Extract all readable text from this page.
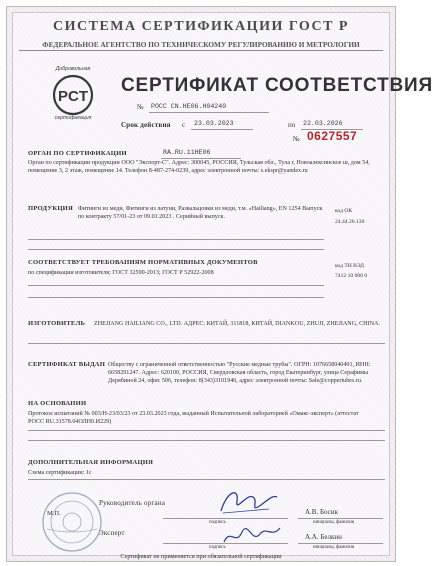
СИСТЕМА СЕРТИФИКАЦИИ ГОСТ Р
ФЕДЕРАЛЬНОЕ АГЕНТСТВО ПО ТЕХНИЧЕСКОМУ РЕГУЛИРОВАНИЮ И МЕТРОЛОГИИ
PCT
Добровольная
сертификация
СЕРТИФИКАТ СООТВЕТСТВИЯ
№ РОСС CN.НЕ06.Н04240
Срок действия с 23.03.2023	по 22.03.2026
№ 0627557
ОРГАН ПО СЕРТИФИКАЦИИ	RA.RU.11НЕ06
Орган по сертификации продукции ООО "Экспорт-С". Адрес: 300045, РОССИЯ, Тульская обл., Тула г, Новоалексинское ш, дом 54, помещение 3, 2 этаж, помещение 14. Телефон 8-487-274-0239, адрес электронной почты: s.ekspr@yandex.ru
ПРОДУКЦИЯ Фитинги из меди, Фитинги из латуни, Развальцовки из меди, т.м. «Hailiang», EN 1254 Выпуск по контракту 57/01-23 от 09.01.2023 . Серийный выпуск.
код ОК
24.44.26.130
СООТВЕТСТВУЕТ ТРЕБОВАНИЯМ НОРМАТИВНЫХ ДОКУМЕНТОВ
по спецификации изготовителя; ГОСТ 32590-2013; ГОСТ Р 52922-2008
код ТН ВЭД
7412 10 000 0
ИЗГОТОВИТЕЛЬ ZHEJIANG HAILIANG CO., LTD. АДРЕС: КИТАЙ, 311818, КИТАЙ, DIANKOU, ZHUJI, ZHEJIANG, CHINA.
СЕРТИФИКАТ ВЫДАН Обществу с ограниченной ответственностью "Русские медные трубы". ОГРН: 1076658040491, ИНН: 6658291247. Адрес: 620100, РОССИЯ, Свердловская область, город Екатеринбург, улица Серафимы Дерябиной 24, офис 506, телефон: 8(343)3101946, адрес электронной почты: Sale@coppertubes.ru.
НА ОСНОВАНИИ
Протокол испытаний № 003/Н-23/03/23 от 23.03.2023 года, выданный Испытательной лабораторией «Омакс-эксперт» (аттестат РОСС RU.31578.04ОЛН0.И229)
ДОПОЛНИТЕЛЬНАЯ ИНФОРМАЦИЯ
Схема сертификации: 1с
М.П.
Руководитель органа
подпись
А.В. Босик
инициалы, фамилия
Эксперт
подпись
А.А. Белкин
инициалы, фамилия
Сертификат не применяется при обязательной сертификации
